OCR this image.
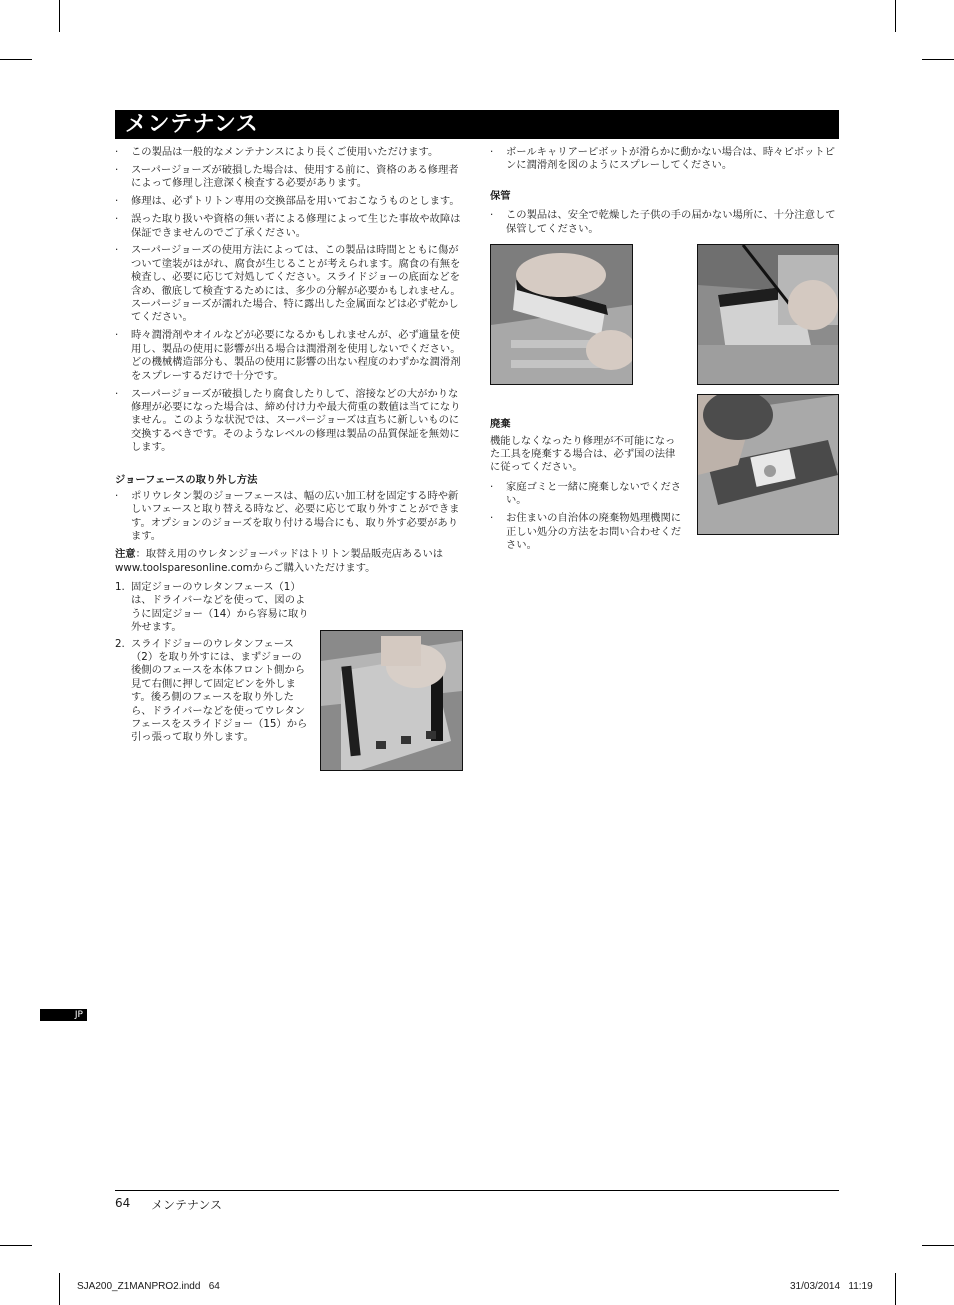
メンテナンス
· この製品は一般的なメンテナンスにより長くご使用いただけます。
· スーパージョーズが破損した場合は、使用する前に、資格のある修理者によって修理し注意深く検査する必要があります。
· 修理は、必ずトリトン専用の交換部品を用いておこなうものとします。
· 誤った取り扱いや資格の無い者による修理によって生じた事故や故障は保証できませんのでご了承ください。
· スーパージョーズの使用方法によっては、この製品は時間とともに傷がついて塗装がはがれ、腐食が生じることが考えられます。腐食の有無を検査し、必要に応じて対処してください。スライドジョーの底面などを含め、徹底して検査するためには、多少の分解が必要かもしれません。スーパージョーズが濡れた場合、特に露出した金属面などは必ず乾かしてください。
· 時々潤滑剤やオイルなどが必要になるかもしれませんが、必ず適量を使用し、製品の使用に影響が出る場合は潤滑剤を使用しないでください。どの機械構造部分も、製品の使用に影響の出ない程度のわずかな潤滑剤をスプレーするだけで十分です。
· スーパージョーズが破損したり腐食したりして、溶接などの大がかりな修理が必要になった場合は、締め付け力や最大荷重の数値は当てになりません。このような状況では、スーパージョーズは直ちに新しいものに交換するべきです。そのようなレベルの修理は製品の品質保証を無効にします。
ジョーフェースの取り外し方法
· ポリウレタン製のジョーフェースは、幅の広い加工材を固定する時や新しいフェースと取り替える時など、必要に応じて取り外すことができます。オプションのジョーズを取り付ける場合にも、取り外す必要があります。

注意：取替え用のウレタンジョーパッドはトリトン製品販売店あるいはwww.toolsparesonline.comからご購入いただけます。

1. 固定ジョーのウレタンフェース（1）は、ドライバーなどを使って、図のように固定ジョー（14）から容易に取り外せます。
2. スライドジョーのウレタンフェース（2）を取り外すには、まずジョーの後側のフェースを本体フロント側から見て右側に押して固定ピンを外します。後ろ側のフェースを取り外したら、ドライバーなどを使ってウレタンフェースをスライドジョー（15）から引っ張って取り外します。
· ボールキャリアーピボットが滑らかに動かない場合は、時々ピボットピンに潤滑剤を図のようにスプレーしてください。
保管
· この製品は、安全で乾燥した子供の手の届かない場所に、十分注意して保管してください。
廃棄

機能しなくなったり修理が不可能になった工具を廃棄する場合は、必ず国の法律に従ってください。

· 家庭ゴミと一緒に廃棄しないでください。
· お住まいの自治体の廃棄物処理機関に正しい処分の方法をお問い合わせください。
JP
64 メンテナンス
SJA200_Z1MANPRO2.indd   64	31/03/2014   11:19
